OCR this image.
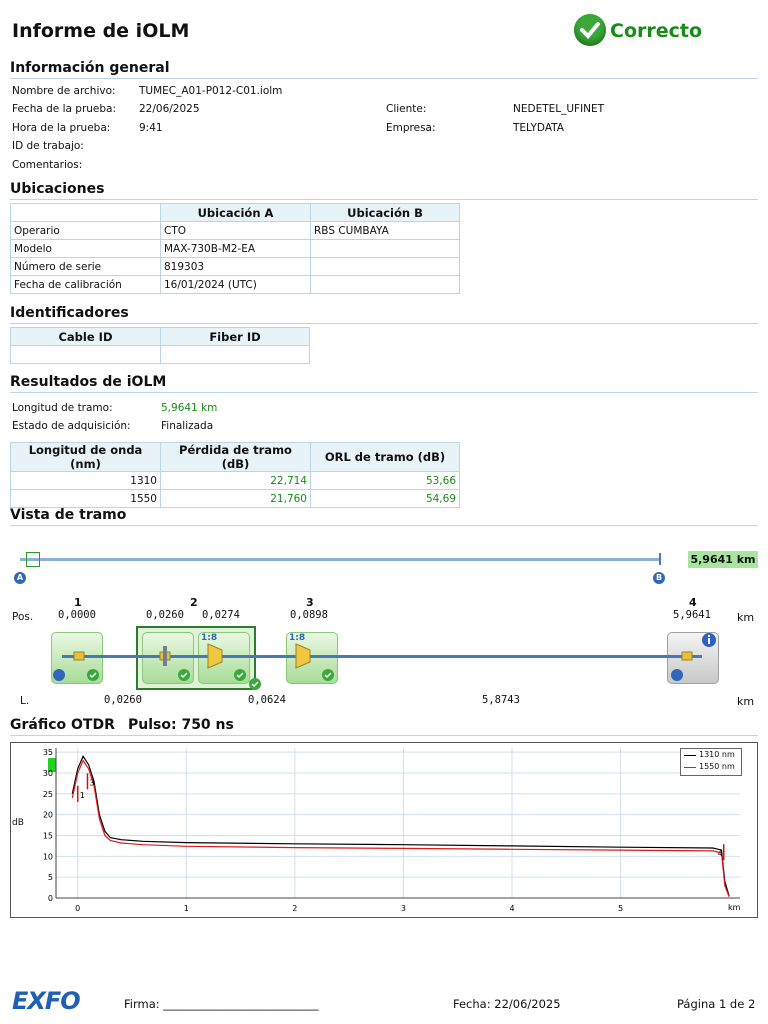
Informe de iOLM	Correcto
Información general
Nombre de archivo: TUMEC_A01-P012-C01.iolm
Fecha de la prueba: 22/06/2025
Hora de la prueba:	9:41
ID de trabajo:
Comentarios:
Cliente:	NEDETEL_UFINET
Empresa:	TELYDATA
Ubicaciones
	Ubicación A	Ubicación B
Operario	CTO	RBS CUMBAYA
Modelo	MAX-730B-M2-EA	
Número de serie	819303	
Fecha de calibración	16/01/2024 (UTC)	
Identificadores
Cable ID	Fiber ID

Resultados de iOLM
Longitud de tramo:	5,9641 km
Estado de adquisición:	Finalizada
Longitud de onda (nm)	Pérdida de tramo (dB)	ORL de tramo (dB)
1310	22,714	53,66
1550	21,760	54,69
Vista de tramo
5,9641 km
A	B
Pos.	km
1
0,0000
2
0,0260 0,0274
3
0,0898
4
5,9641
1:8	1:8
L.	0,0260	0,0624	5,8743	km
Gráfico OTDR Pulso: 750 ns
dB
0	1	2	3	4	5
0
5
10
15
20
25
30
35
km
1
3
4
1310 nm
1550 nm
EXFO	Firma: ___________________________	Fecha: 22/06/2025	Página 1 de 2
